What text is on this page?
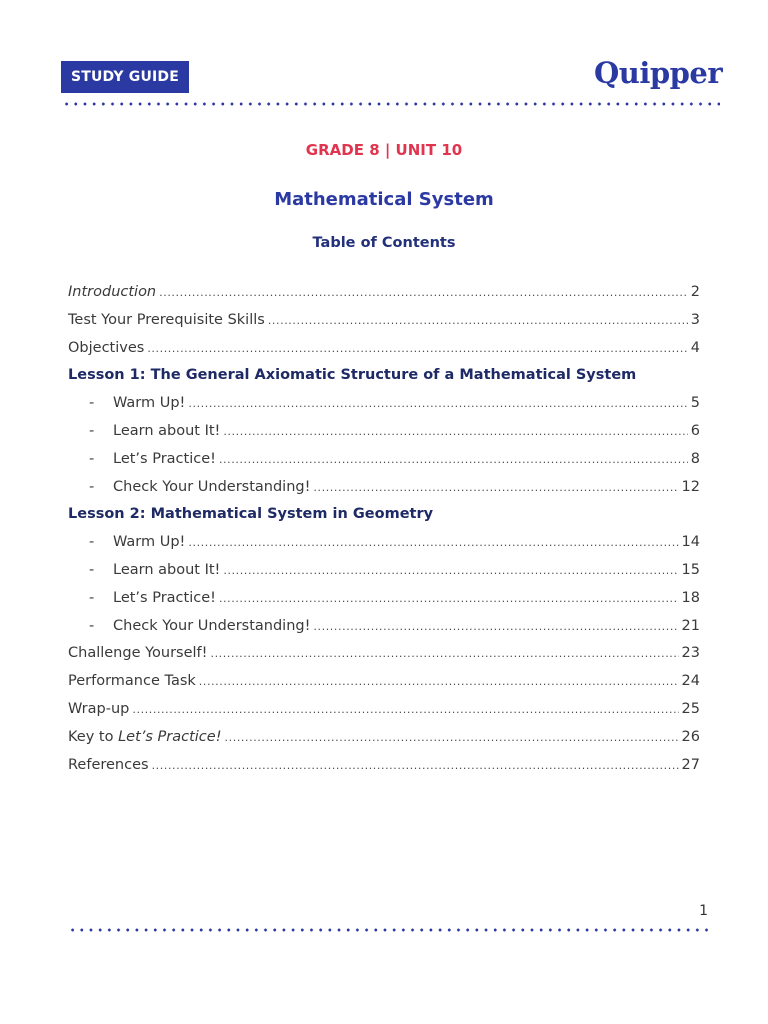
STUDY GUIDE	Quipper
GRADE 8 | UNIT 10
Mathematical System
Table of Contents
Introduction .....	2
Test Your Prerequisite Skills .....	3
Objectives .....	4
Lesson 1: The General Axiomatic Structure of a Mathematical System
-	Warm Up! .....	5
-	Learn about It! .....	6
-	Let’s Practice! .....	8
-	Check Your Understanding! .....	12
Lesson 2: Mathematical System in Geometry
-	Warm Up! .....	14
-	Learn about It! .....	15
-	Let’s Practice! .....	18
-	Check Your Understanding! .....	21
Challenge Yourself! .....	23
Performance Task .....	24
Wrap-up .....	25
Key to Let’s Practice! .....	26
References .....	27
1
